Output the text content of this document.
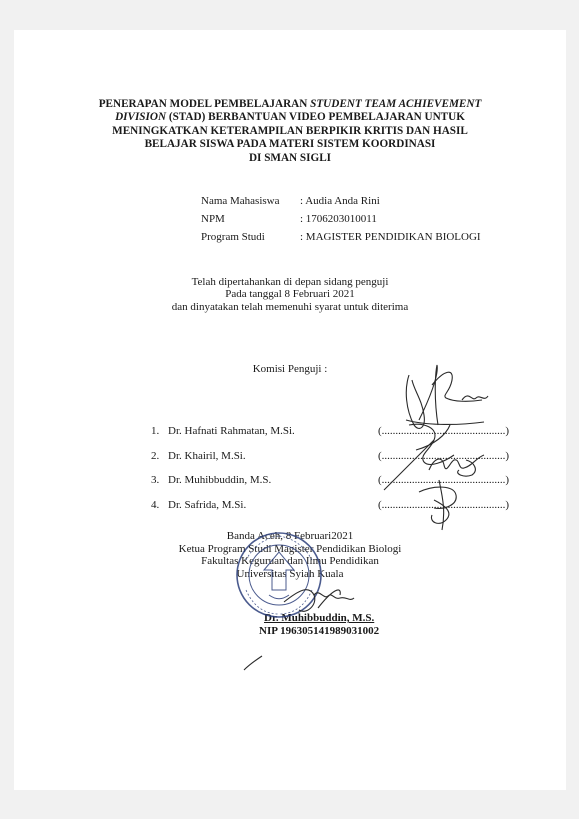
PENERAPAN MODEL PEMBELAJARAN STUDENT TEAM ACHIEVEMENT
DIVISION (STAD) BERBANTUAN VIDEO PEMBELAJARAN UNTUK
MENINGKATKAN KETERAMPILAN BERPIKIR KRITIS DAN HASIL
BELAJAR SISWA PADA MATERI SISTEM KOORDINASI
DI SMAN SIGLI
Nama Mahasiswa : Audia Anda Rini
NPM	: 1706203010011
Program Studi	: MAGISTER PENDIDIKAN BIOLOGI
Telah dipertahankan di depan sidang penguji
Pada tanggal 8 Februari 2021
dan dinyatakan telah memenuhi syarat untuk diterima
Komisi Penguji :
1. Dr. Hafnati Rahmatan, M.Si.	(.............................................)
2. Dr. Khairil, M.Si.	(.............................................)
3. Dr. Muhibbuddin, M.S.	(.............................................)
4. Dr. Safrida, M.Si.	(.............................................)
Banda Aceh, 8 Februari2021
Ketua Program Studi Magister Pendidikan Biologi
Fakultas Keguruan dan Ilmu Pendidikan
Universitas Syiah Kuala
Dr. Muhibbuddin, M.S.
NIP 196305141989031002
